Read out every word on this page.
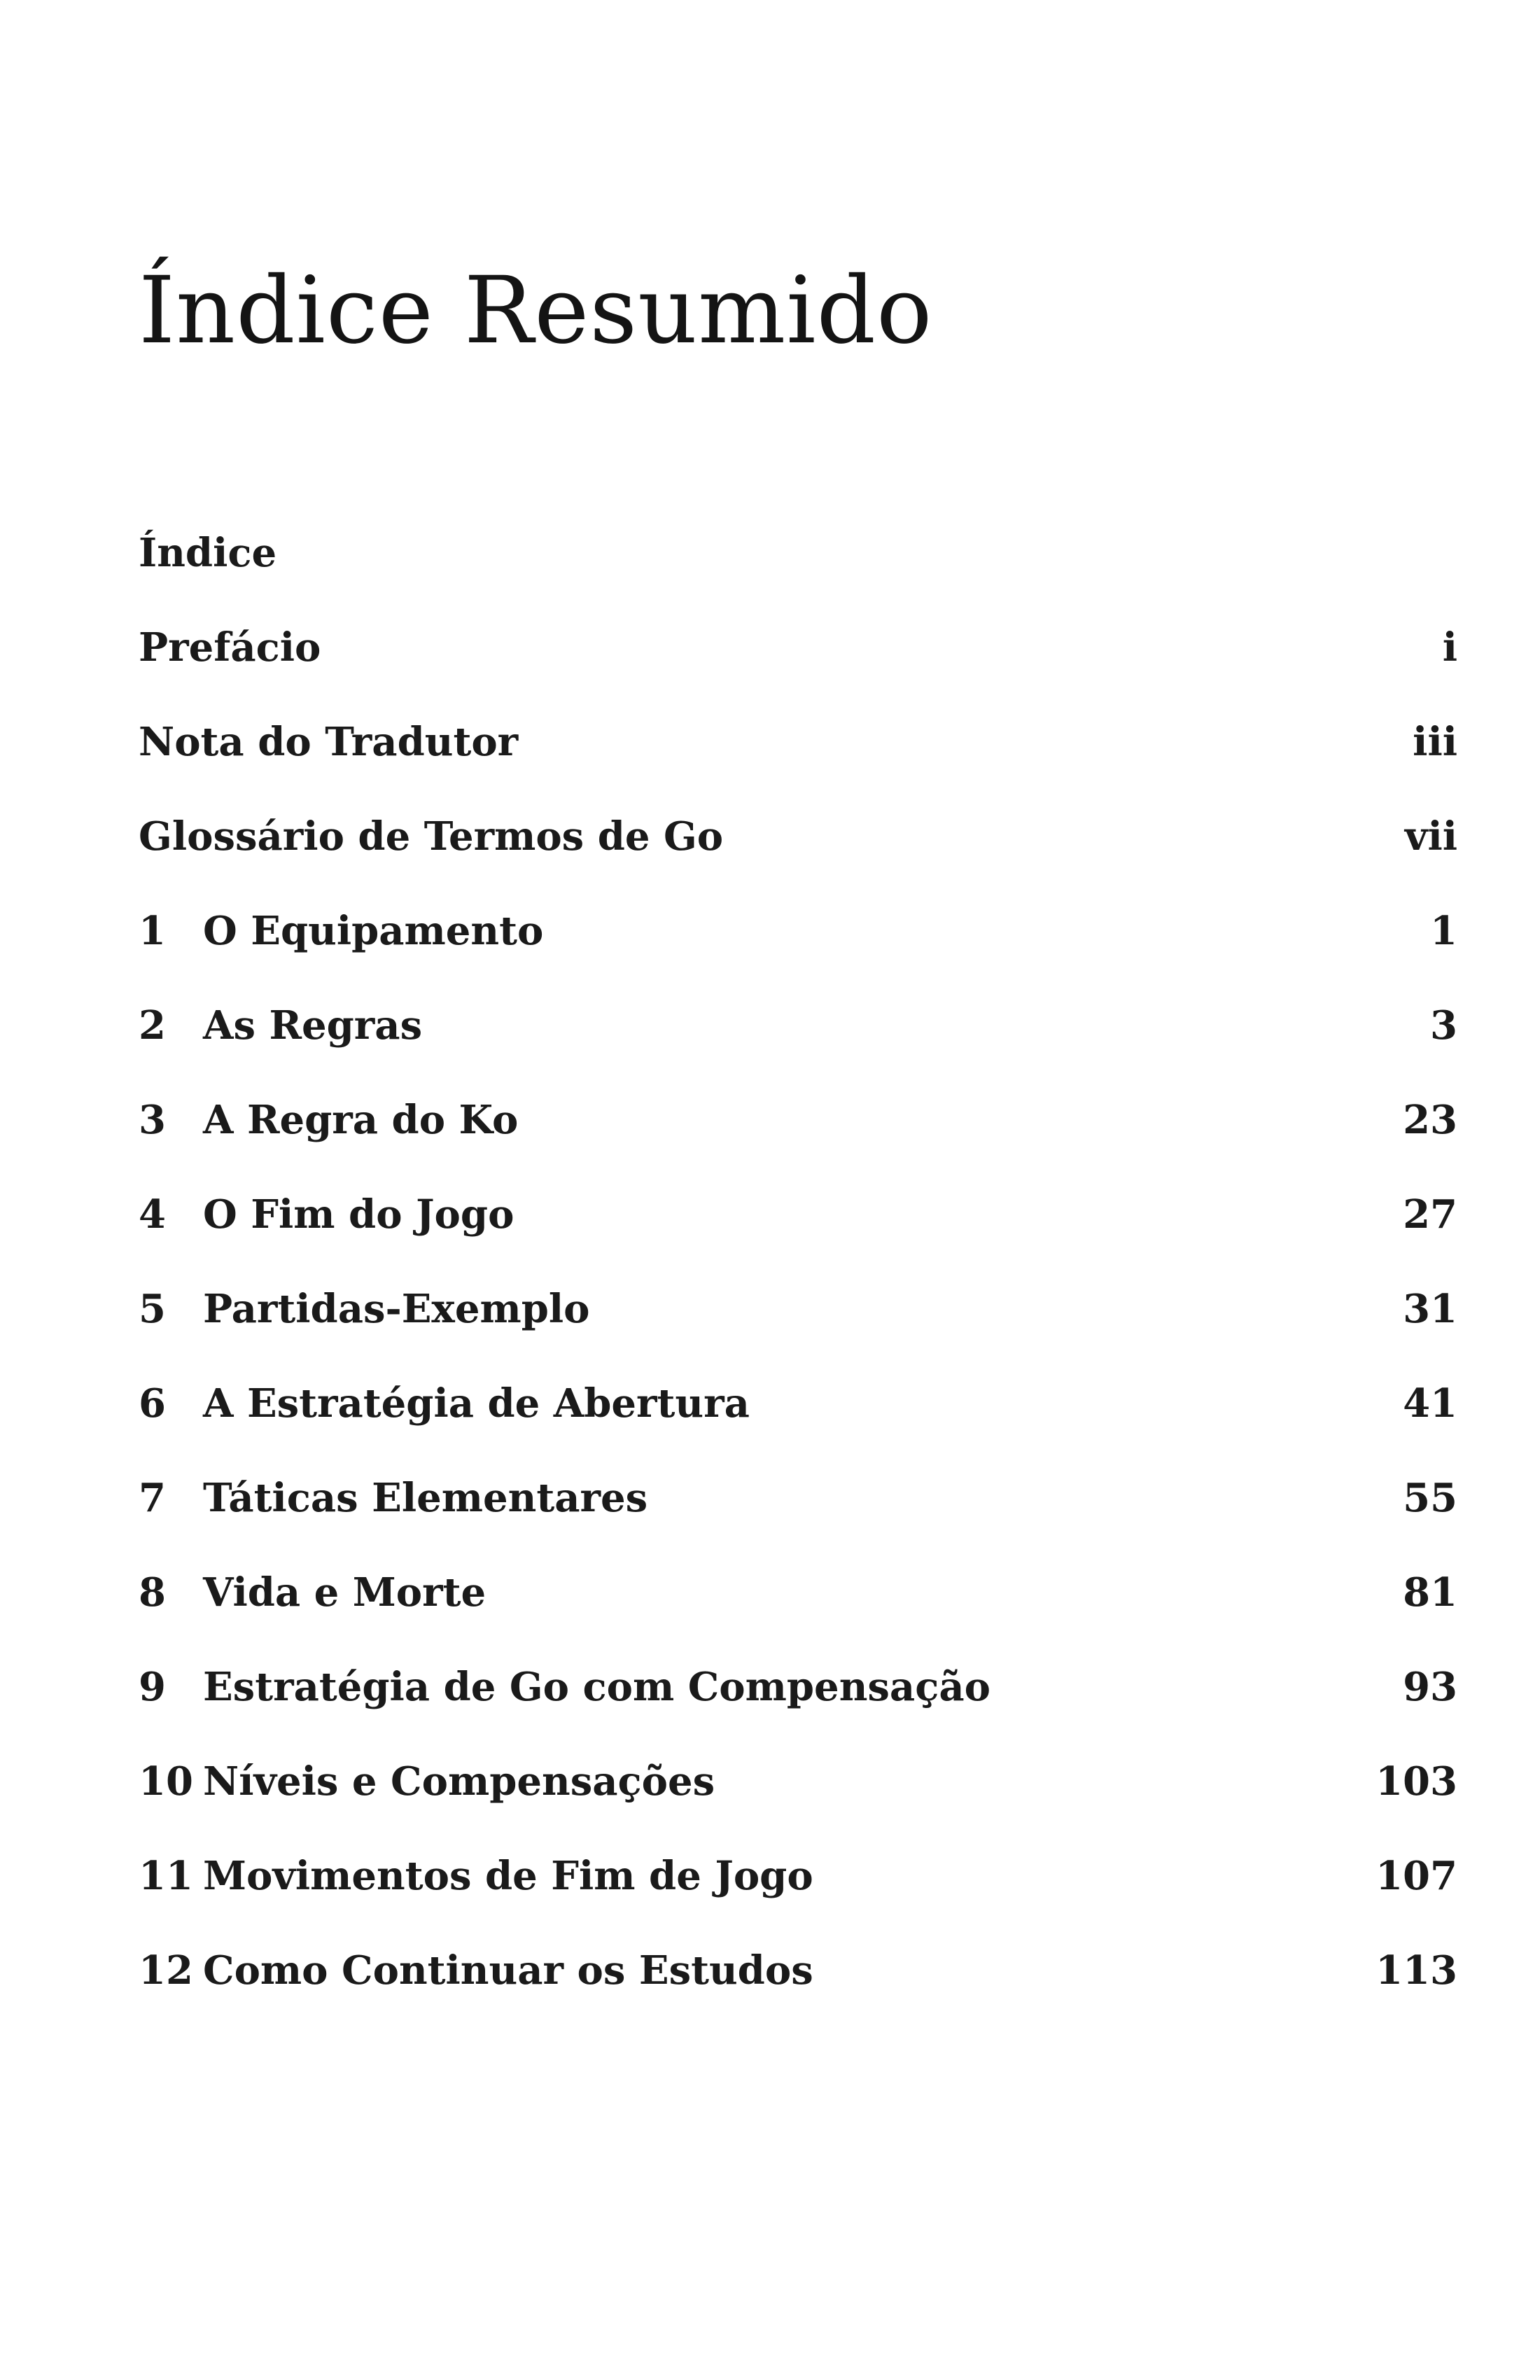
Índice Resumido
Índice
Prefácio	i
Nota do Tradutor	iii
Glossário de Termos de Go	vii
1 O Equipamento	1
2 As Regras	3
3 A Regra do Ko	23
4 O Fim do Jogo	27
5 Partidas-Exemplo	31
6 A Estratégia de Abertura	41
7 Táticas Elementares	55
8 Vida e Morte	81
9 Estratégia de Go com Compensação	93
10 Níveis e Compensações	103
11 Movimentos de Fim de Jogo	107
12 Como Continuar os Estudos	113
